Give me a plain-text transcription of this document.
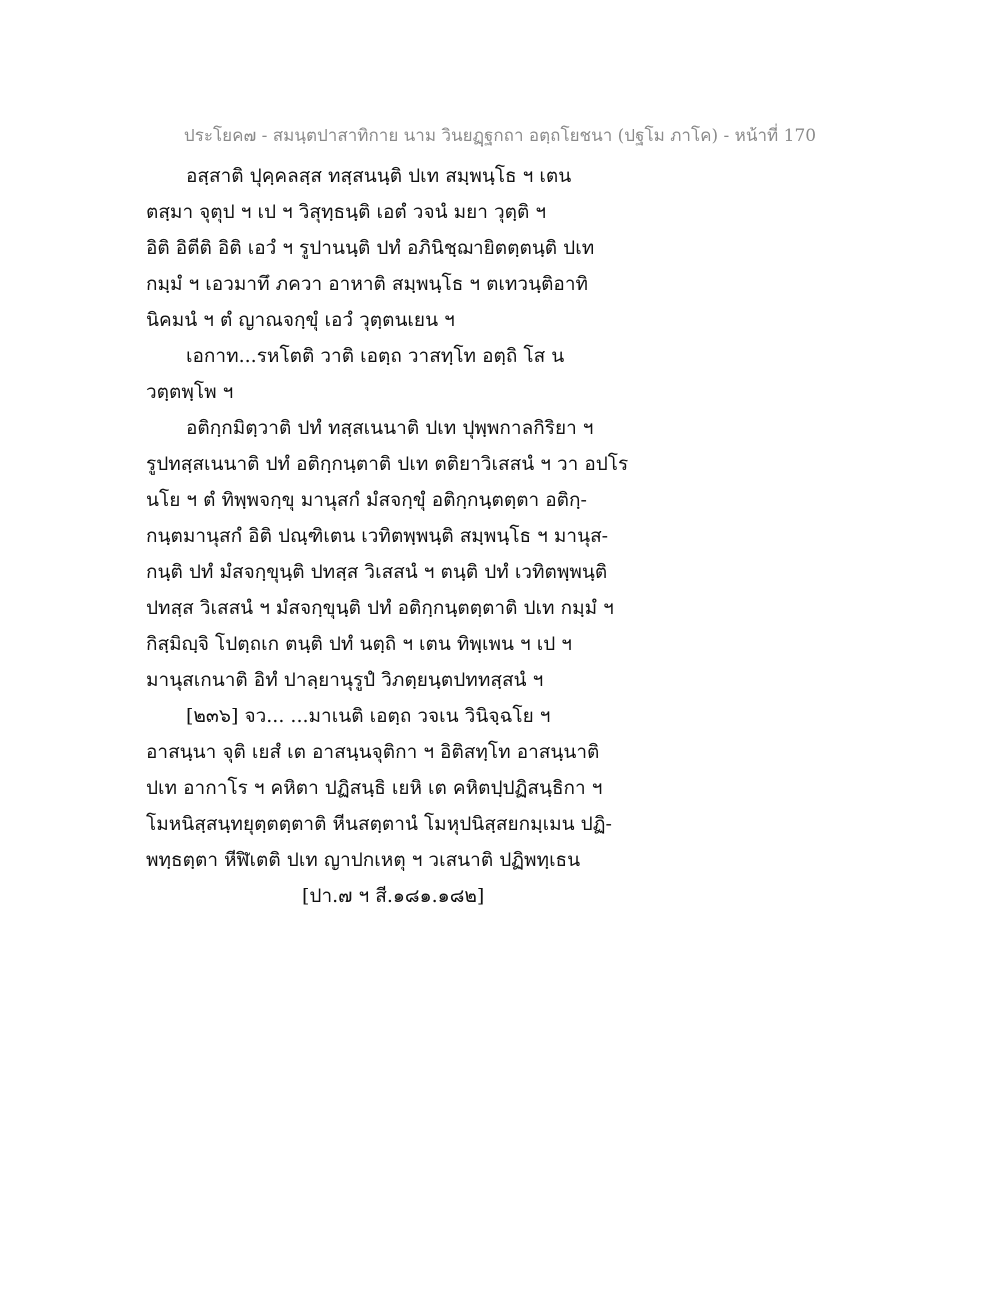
ประโยค๗ - สมนฺตปาสาทิกาย นาม วินยฏฺฐกถา อตฺถโยชนา (ปฐโม ภาโค) - หน้าที่ 170
อสฺสาติ ปุคฺคลสฺส ทสฺสนนฺติ ปเท สมฺพนฺโธ ฯ เตน
ตสฺมา จุตุป ฯ เป ฯ วิสุทฺธนฺติ เอตํ วจนํ มยา วุตฺติ ฯ
อิติ อิตีติ อิติ เอวํ ฯ รูปานนฺติ ปทํ อภินิชฺฌายิตตฺตนฺติ ปเท
กมฺมํ ฯ เอวมาทึ ภควา อาหาติ สมฺพนฺโธ ฯ ตเทวนฺติอาทิ
นิคมนํ ฯ ตํ ญาณจกฺขุํ เอวํ วุตฺตนเยน ฯ
เอกาท...รหโตติ วาติ เอตฺถ วาสทฺโท อตฺถิ โส น
วตฺตพฺโพ ฯ
อติกฺกมิตฺวาติ ปทํ ทสฺสเนนาติ ปเท ปุพฺพกาลกิริยา ฯ
รูปทสฺสเนนาติ ปทํ อติกฺกนฺตาติ ปเท ตติยาวิเสสนํ ฯ วา อปโร
นโย ฯ ตํ ทิพฺพจกฺขุ มานุสกํ มํสจกฺขุํ อติกฺกนฺตตฺตา อติกฺ-
กนฺตมานุสกํ อิติ ปณฺฑิเตน เวทิตพฺพนฺติ สมฺพนฺโธ ฯ มานุส-
กนฺติ ปทํ มํสจกฺขุนฺติ ปทสฺส วิเสสนํ ฯ ตนฺติ ปทํ เวทิตพฺพนฺติ
ปทสฺส วิเสสนํ ฯ มํสจกฺขุนฺติ ปทํ อติกฺกนฺตตฺตาติ ปเท กมฺมํ ฯ
กิสฺมิญฺจิ โปตฺถเก ตนฺติ ปทํ นตฺถิ ฯ เตน ทิพฺเพน ฯ เป ฯ
มานุสเกนาติ อิทํ ปาลฺยานุรูปํ วิภตฺยนฺตปททสฺสนํ ฯ
[๒๓๖] จว... ...มาเนติ เอตฺถ วจเน วินิจฺฉโย ฯ
อาสนฺนา จุติ เยสํ เต อาสนฺนจุติกา ฯ อิติสทฺโท อาสนฺนาติ
ปเท อากาโร ฯ คหิตา ปฏิสนฺธิ เยหิ เต คหิตปฺปฏิสนฺธิกา ฯ
โมหนิสฺสนฺทยุตฺตตฺตาติ หีนสตฺตานํ โมหุปนิสฺสยกมฺเมน ปฏิ-
พทฺธตฺตา หีฬิเตติ ปเท ญาปกเหตุ ฯ วเสนาติ ปฏิพทฺเธน
[ปา.๗ ฯ สี.๑๘๑.๑๘๒]
